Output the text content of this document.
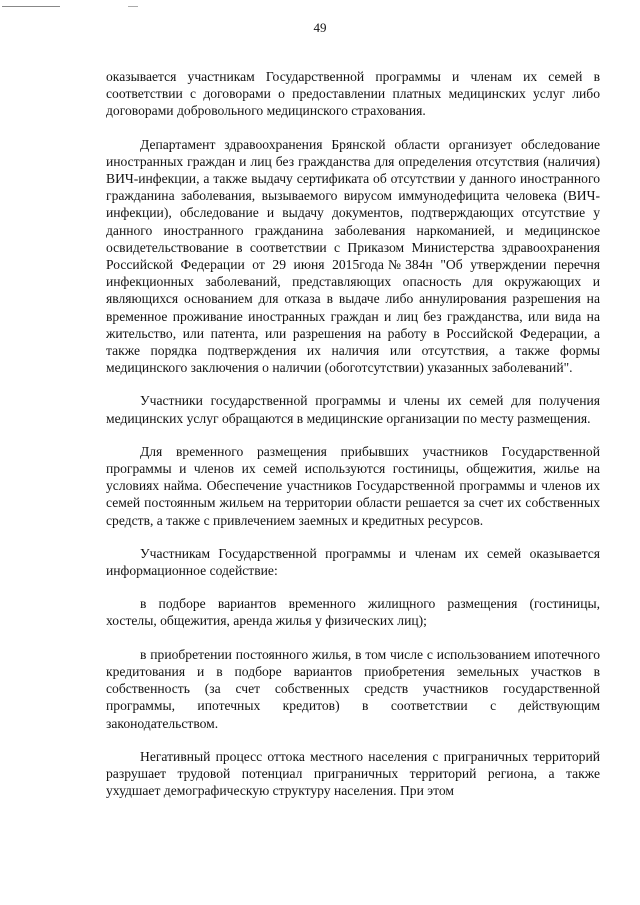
49

оказывается участникам Государственной программы и членам их семей в соответствии с договорами о предоставлении платных медицинских услуг либо договорами добровольного медицинского страхования.

Департамент здравоохранения Брянской области организует обследование иностранных граждан и лиц без гражданства для определения отсутствия (наличия) ВИЧ-инфекции, а также выдачу сертификата об отсутствии у данного иностранного гражданина заболевания, вызываемого вирусом иммунодефицита человека (ВИЧ-инфекции), обследование и выдачу документов, подтверждающих отсутствие у данного иностранного гражданина заболевания наркоманией, и медицинское освидетельствование в соответствии с Приказом Министерства здравоохранения Российской Федерации от 29 июня 2015года№384н "Об утверждении перечня инфекционных заболеваний, представляющих опасность для окружающих и являющихся основанием для отказа в выдаче либо аннулирования разрешения на временное проживание иностранных граждан и лиц без гражданства, или вида на жительство, или патента, или разрешения на работу в Российской Федерации, а также порядка подтверждения их наличия или отсутствия, а также формы медицинского заключения о наличии (обоготсутствии) указанных заболеваний".

Участники государственной программы и члены их семей для получения медицинских услуг обращаются в медицинские организации по месту размещения.

Для временного размещения прибывших участников Государственной программы и членов их семей используются гостиницы, общежития, жилье на условиях найма. Обеспечение участников Государственной программы и членов их семей постоянным жильем на территории области решается за счет их собственных средств, а также с привлечением заемных и кредитных ресурсов.

Участникам Государственной программы и членам их семей оказывается информационное содействие:

в подборе вариантов временного жилищного размещения (гостиницы, хостелы, общежития, аренда жилья у физических лиц);

в приобретении постоянного жилья, в том числе с использованием ипотечного кредитования и в подборе вариантов приобретения земельных участков в собственность (за счет собственных средств участников государственной программы, ипотечных кредитов) в соответствии с действующим законодательством.

Негативный процесс оттока местного населения с приграничных территорий разрушает трудовой потенциал приграничных территорий региона, а также ухудшает демографическую структуру населения. При этом
